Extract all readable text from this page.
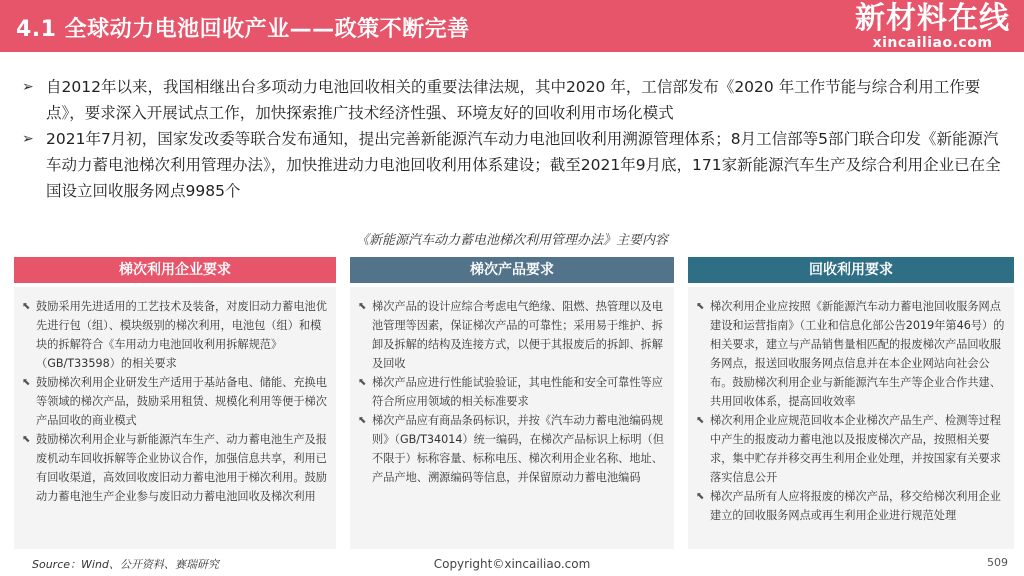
4.1 全球动力电池回收产业——政策不断完善	新材料在线
xincailiao.com
➢ 自2012年以来，我国相继出台多项动力电池回收相关的重要法律法规，其中2020 年，工信部发布《2020 年工作节能与综合利用工作要点》，要求深入开展试点工作，加快探索推广技术经济性强、环境友好的回收利用市场化模式
➢ 2021年7月初，国家发改委等联合发布通知，提出完善新能源汽车动力电池回收利用溯源管理体系；8月工信部等5部门联合印发《新能源汽车动力蓄电池梯次利用管理办法》，加快推进动力电池回收利用体系建设；截至2021年9月底，171家新能源汽车生产及综合利用企业已在全国设立回收服务网点9985个
《新能源汽车动力蓄电池梯次利用管理办法》主要内容
梯次利用企业要求
⬉ 鼓励采用先进适用的工艺技术及装备，对废旧动力蓄电池优先进行包（组）、模块级别的梯次利用，电池包（组）和模块的拆解符合《车用动力电池回收利用拆解规范》（GB/T33598）的相关要求
⬉ 鼓励梯次利用企业研发生产适用于基站备电、储能、充换电等领域的梯次产品，鼓励采用租赁、规模化利用等便于梯次产品回收的商业模式
⬉ 鼓励梯次利用企业与新能源汽车生产、动力蓄电池生产及报废机动车回收拆解等企业协议合作，加强信息共享，利用已有回收渠道，高效回收废旧动力蓄电池用于梯次利用。鼓励动力蓄电池生产企业参与废旧动力蓄电池回收及梯次利用
梯次产品要求
⬉ 梯次产品的设计应综合考虑电气绝缘、阻燃、热管理以及电池管理等因素，保证梯次产品的可靠性；采用易于维护、拆卸及拆解的结构及连接方式，以便于其报废后的拆卸、拆解及回收
⬉ 梯次产品应进行性能试验验证，其电性能和安全可靠性等应符合所应用领域的相关标准要求
⬉ 梯次产品应有商品条码标识，并按《汽车动力蓄电池编码规则》（GB/T34014）统一编码，在梯次产品标识上标明（但不限于）标称容量、标称电压、梯次利用企业名称、地址、产品产地、溯源编码等信息，并保留原动力蓄电池编码
回收利用要求
⬉ 梯次利用企业应按照《新能源汽车动力蓄电池回收服务网点建设和运营指南》（工业和信息化部公告2019年第46号）的相关要求，建立与产品销售量相匹配的报废梯次产品回收服务网点，报送回收服务网点信息并在本企业网站向社会公布。鼓励梯次利用企业与新能源汽车生产等企业合作共建、共用回收体系，提高回收效率
⬉ 梯次利用企业应规范回收本企业梯次产品生产、检测等过程中产生的报废动力蓄电池以及报废梯次产品，按照相关要求，集中贮存并移交再生利用企业处理，并按国家有关要求落实信息公开
⬉ 梯次产品所有人应将报废的梯次产品，移交给梯次利用企业建立的回收服务网点或再生利用企业进行规范处理
Source：Wind、公开资料、赛瑞研究	Copyright©xincailiao.com	509
